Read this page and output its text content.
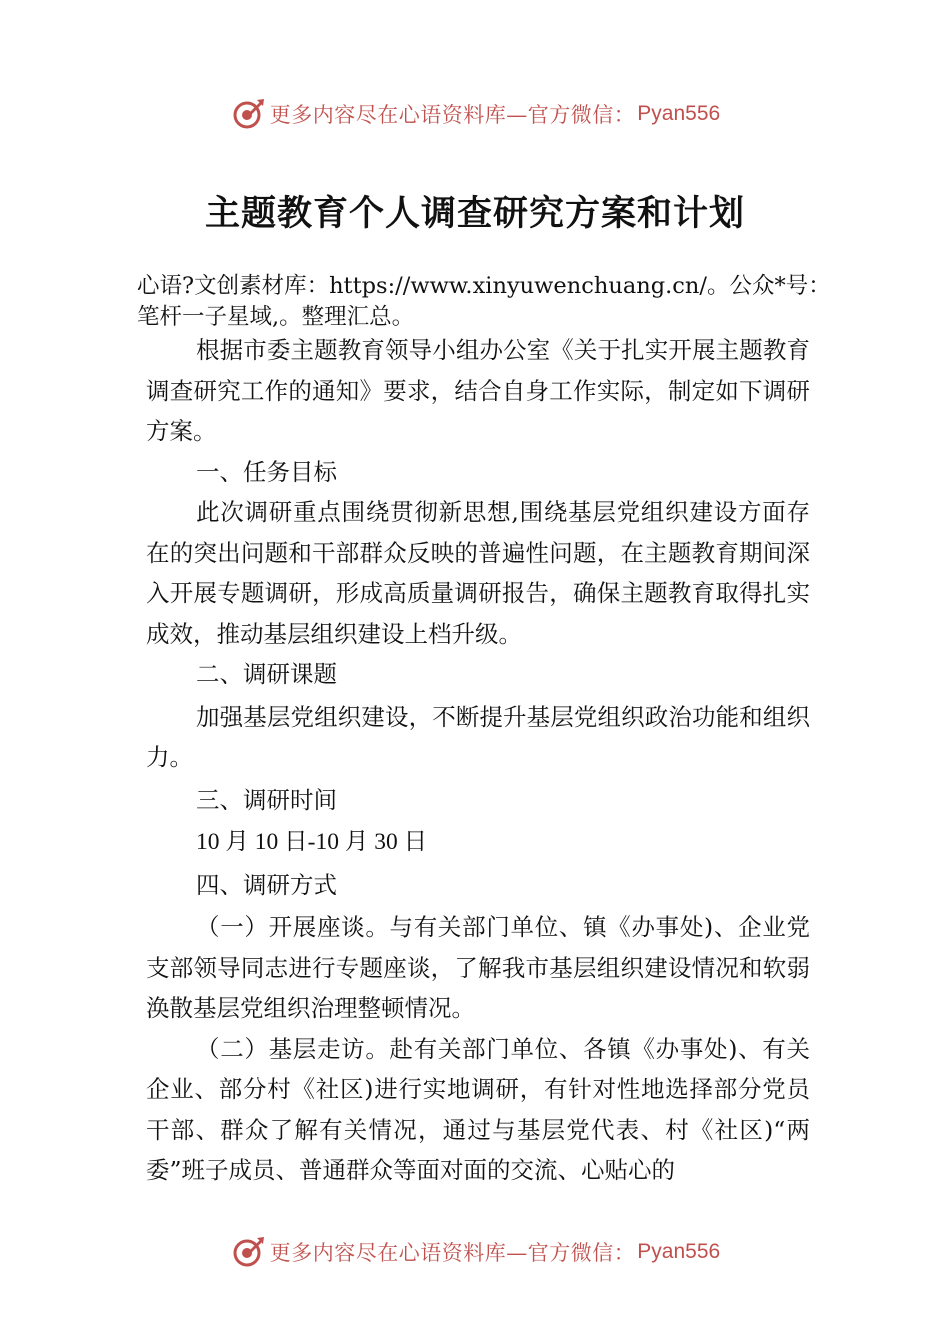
更多内容尽在心语资料库—官方微信： Pyan556
主题教育个人调查研究方案和计划
心语?文创素材库：https://www.xinyuwenchuang.cn/。公众*号：笔杆一子星域,。整理汇总。

根据市委主题教育领导小组办公室《关于扎实开展主题教育调查研究工作的通知》要求，结合自身工作实际，制定如下调研方案。

一、任务目标

此次调研重点围绕贯彻新思想,围绕基层党组织建设方面存在的突出问题和干部群众反映的普遍性问题，在主题教育期间深入开展专题调研，形成高质量调研报告，确保主题教育取得扎实成效，推动基层组织建设上档升级。

二、调研课题

加强基层党组织建设，不断提升基层党组织政治功能和组织力。

三、调研时间

10 月 10 日-10 月 30 日

四、调研方式

（一）开展座谈。与有关部门单位、镇《办事处)、企业党支部领导同志进行专题座谈，了解我市基层组织建设情况和软弱涣散基层党组织治理整顿情况。

（二）基层走访。赴有关部门单位、各镇《办事处)、有关企业、部分村《社区)进行实地调研，有针对性地选择部分党员干部、群众了解有关情况，通过与基层党代表、村《社区)“两委”班子成员、普通群众等面对面的交流、心贴心的

更多内容尽在心语资料库—官方微信： Pyan556
